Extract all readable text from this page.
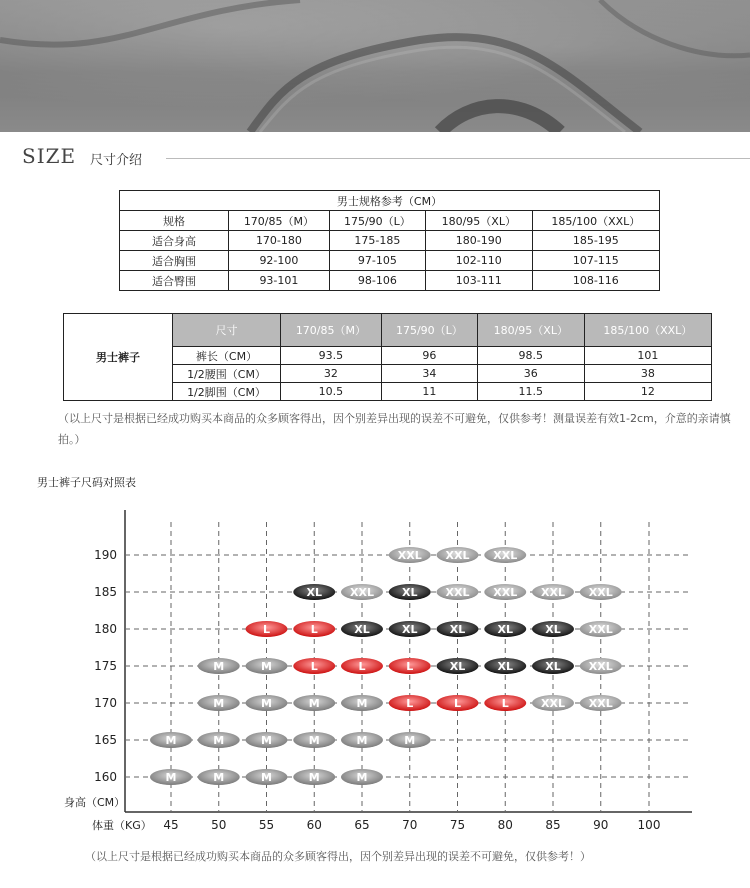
SIZE 尺寸介绍
男士规格参考（CM）				
规格	170/85（M）	175/90（L）	180/95（XL）	185/100（XXL）
适合身高	170-180	175-185	180-190	185-195
适合胸围	92-100	97-105	102-110	107-115
适合臀围	93-101	98-106	103-111	108-116
男士裤子	尺寸	170/85（M）	175/90（L）	180/95（XL）	185/100（XXL）
	裤长（CM）	93.5	96	98.5	101
	1/2腰围（CM）	32	34	36	38
	1/2脚围（CM）	10.5	11	11.5	12
（以上尺寸是根据已经成功购买本商品的众多顾客得出，因个别差异出现的误差不可避免，仅供参考！测量误差有效1-2cm，介意的亲请慎拍。）
男士裤子尺码对照表
45	50	55	60	65	70	75	80	85	90 100
160
165
170
175
180
185
190
身高（CM）
体重（KG）
XXL XXL XXL
XL	XXL	XL	XXL XXL XXL XXL
L	L	XL	XL	XL	XL	XL	XXL
M	M	L	L	L	XL	XL	XL	XXL
M	M	M	M	L	L	L	XXL XXL
M	M	M	M	M	M
M	M	M	M	M
（以上尺寸是根据已经成功购买本商品的众多顾客得出，因个别差异出现的误差不可避免，仅供参考！）
